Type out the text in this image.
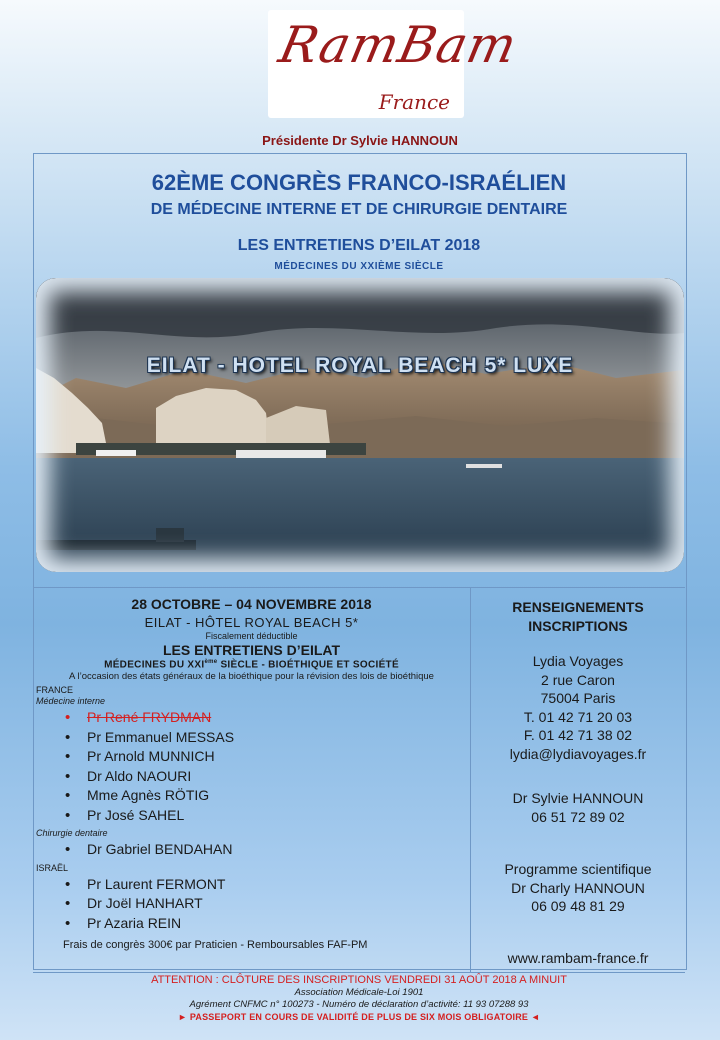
RamBam
France
Présidente Dr Sylvie HANNOUN
62ÈME CONGRÈS FRANCO-ISRAÉLIEN
DE MÉDECINE INTERNE ET DE CHIRURGIE DENTAIRE
LES ENTRETIENS D’EILAT 2018
MÉDECINES DU XXIÈME SIÈCLE
EILAT - HOTEL ROYAL BEACH 5* LUXE
28 OCTOBRE – 04 NOVEMBRE 2018
EILAT - HÔTEL ROYAL BEACH 5*
Fiscalement déductible
LES ENTRETIENS D’EILAT
MÉDECINES DU XXIème SIÈCLE - BIOÉTHIQUE ET SOCIÉTÉ
A l’occasion des états généraux de la bioéthique pour la révision des lois de bioéthique
FRANCE
Médecine interne
• Pr René FRYDMAN
• Pr Emmanuel MESSAS
• Pr Arnold MUNNICH
• Dr Aldo NAOURI
• Mme Agnès RÖTIG
• Pr José SAHEL
Chirurgie dentaire
• Dr Gabriel BENDAHAN
ISRAËL
• Pr Laurent FERMONT
• Dr Joël HANHART
• Pr Azaria REIN
Frais de congrès 300€ par Praticien - Remboursables FAF-PM
RENSEIGNEMENTS
INSCRIPTIONS
Lydia Voyages
2 rue Caron
75004 Paris
T. 01 42 71 20 03
F. 01 42 71 38 02
lydia@lydiavoyages.fr
Dr Sylvie HANNOUN
06 51 72 89 02
Programme scientifique
Dr Charly HANNOUN
06 09 48 81 29
www.rambam-france.fr
ATTENTION : CLÔTURE DES INSCRIPTIONS VENDREDI 31 AOÛT 2018 A MINUIT
Association Médicale-Loi 1901
Agrément CNFMC n° 100273 - Numéro de déclaration d’activité: 11 93 07288 93
► PASSEPORT EN COURS DE VALIDITÉ DE PLUS DE SIX MOIS OBLIGATOIRE ◄
